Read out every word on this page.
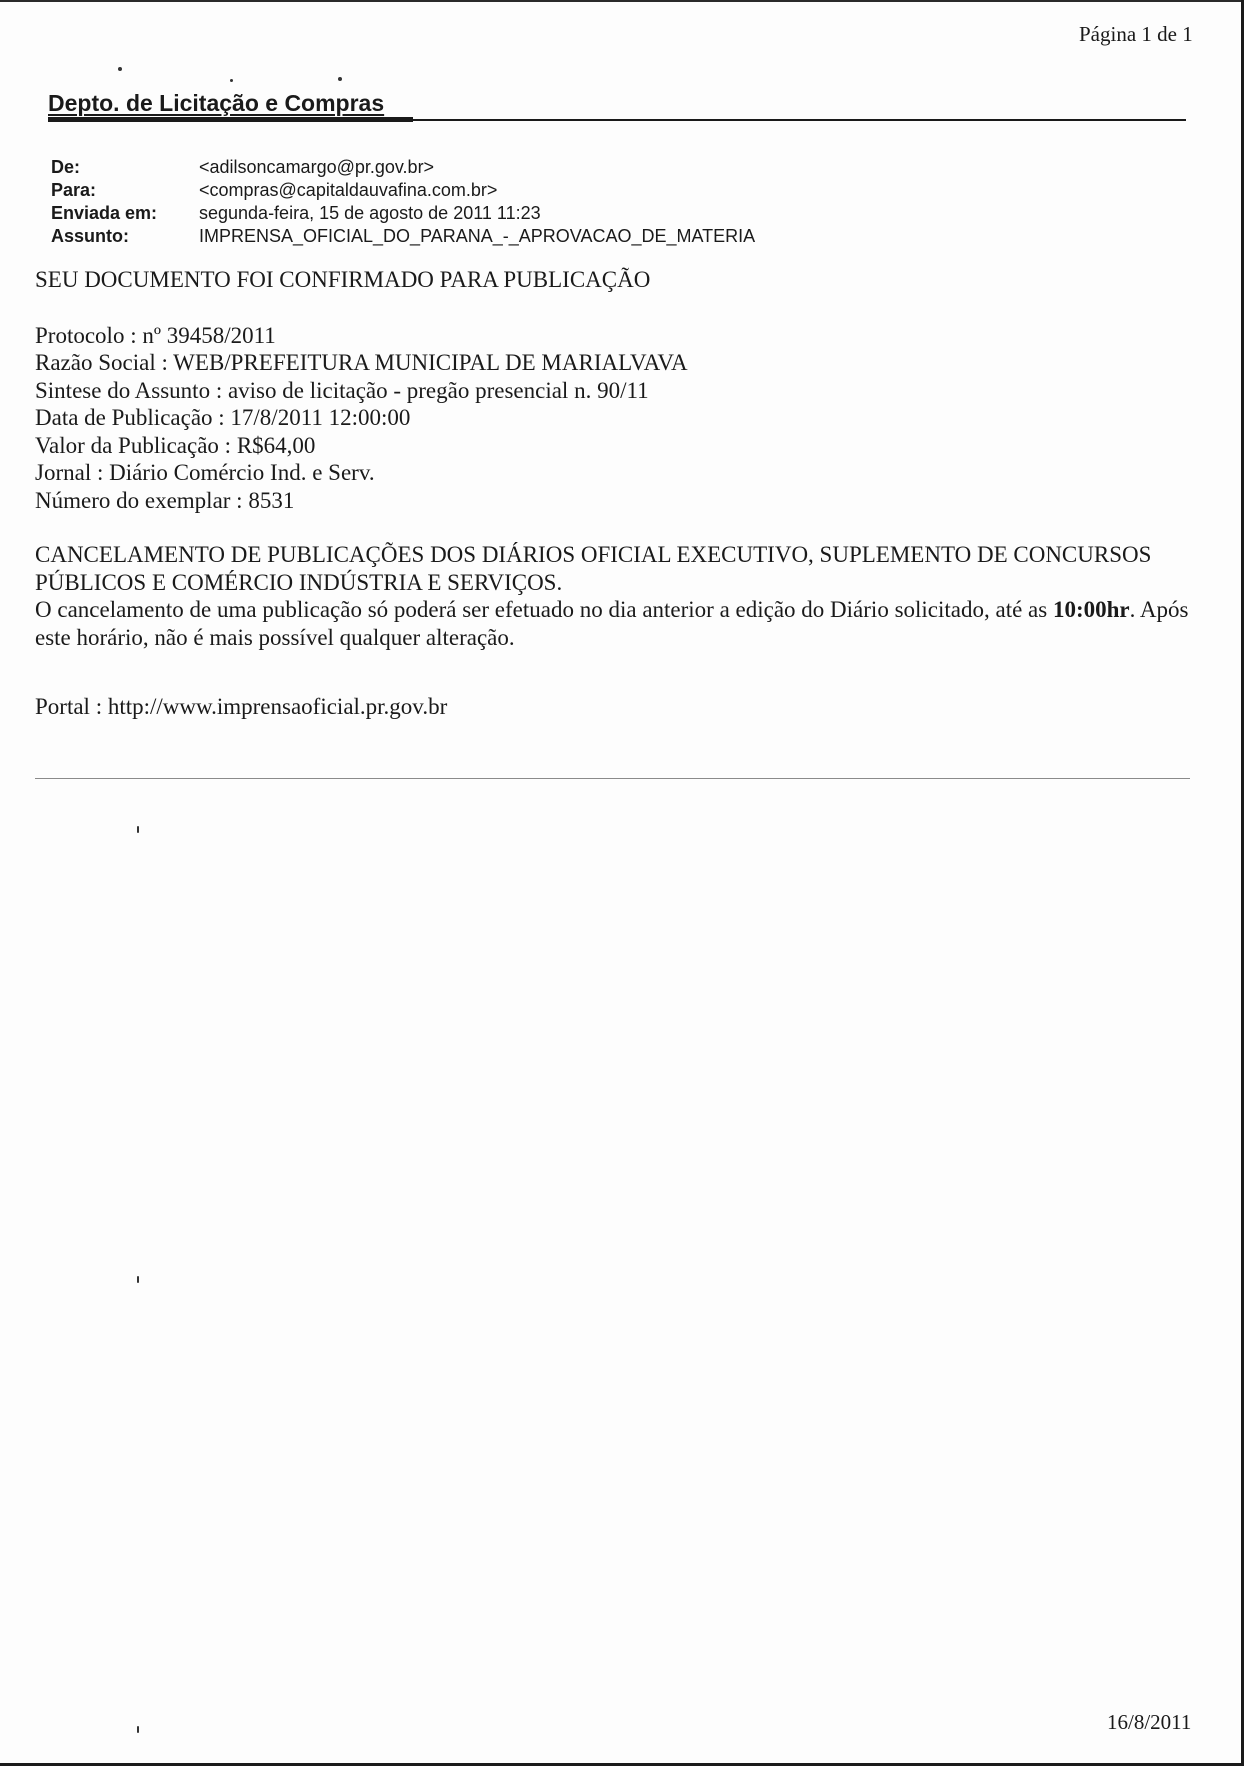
Página 1 de 1
Depto. de Licitação e Compras
De:	<adilsoncamargo@pr.gov.br>
Para:	<compras@capitaldauvafina.com.br>
Enviada em:	segunda-feira, 15 de agosto de 2011 11:23
Assunto:	IMPRENSA_OFICIAL_DO_PARANA_-_APROVACAO_DE_MATERIA
SEU DOCUMENTO FOI CONFIRMADO PARA PUBLICAÇÃO
Protocolo : nº 39458/2011
Razão Social : WEB/PREFEITURA MUNICIPAL DE MARIALVAVA
Sintese do Assunto : aviso de licitação - pregão presencial n. 90/11
Data de Publicação : 17/8/2011 12:00:00
Valor da Publicação : R$64,00
Jornal : Diário Comércio Ind. e Serv.
Número do exemplar : 8531

CANCELAMENTO DE PUBLICAÇÕES DOS DIÁRIOS OFICIAL EXECUTIVO, SUPLEMENTO DE CONCURSOS PÚBLICOS E COMÉRCIO INDÚSTRIA E SERVIÇOS.

O cancelamento de uma publicação só poderá ser efetuado no dia anterior a edição do Diário solicitado, até as 10:00hr. Após este horário, não é mais possível qualquer alteração.

Portal : http://www.imprensaoficial.pr.gov.br
16/8/2011
